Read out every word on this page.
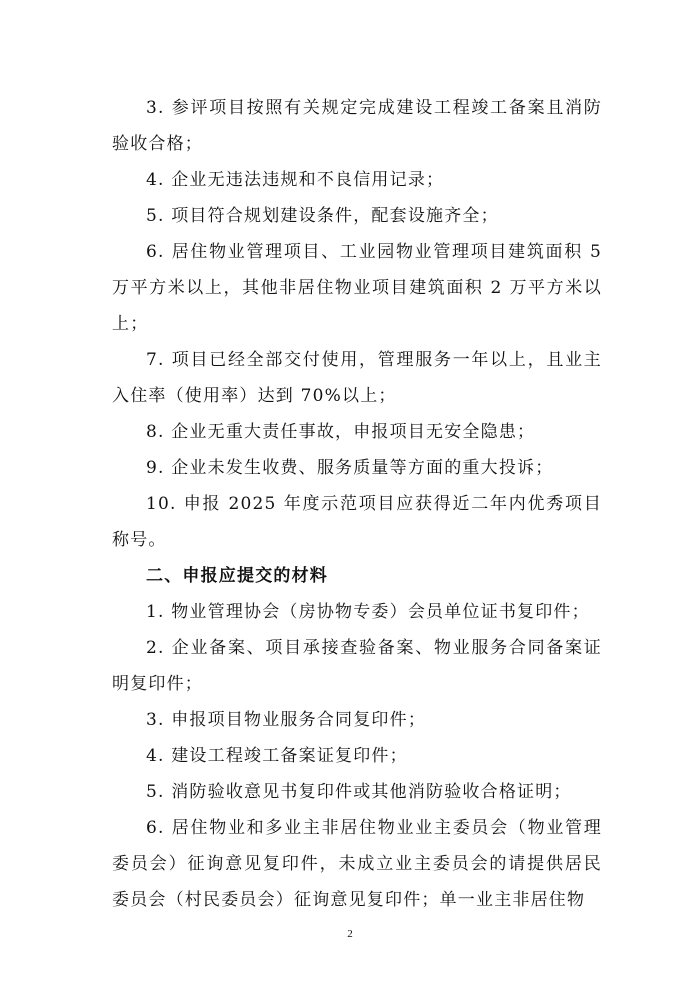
3. 参评项目按照有关规定完成建设工程竣工备案且消防验收合格；

4. 企业无违法违规和不良信用记录；

5. 项目符合规划建设条件，配套设施齐全；

6. 居住物业管理项目、工业园物业管理项目建筑面积 5 万平方米以上，其他非居住物业项目建筑面积 2 万平方米以上；

7. 项目已经全部交付使用，管理服务一年以上，且业主入住率（使用率）达到 70%以上；

8. 企业无重大责任事故，申报项目无安全隐患；

9. 企业未发生收费、服务质量等方面的重大投诉；

10. 申报 2025 年度示范项目应获得近二年内优秀项目称号。

二、申报应提交的材料

1. 物业管理协会（房协物专委）会员单位证书复印件；

2. 企业备案、项目承接查验备案、物业服务合同备案证明复印件；

3. 申报项目物业服务合同复印件；

4. 建设工程竣工备案证复印件；

5. 消防验收意见书复印件或其他消防验收合格证明；

6. 居住物业和多业主非居住物业业主委员会（物业管理委员会）征询意见复印件，未成立业主委员会的请提供居民委员会（村民委员会）征询意见复印件；单一业主非居住物

2
